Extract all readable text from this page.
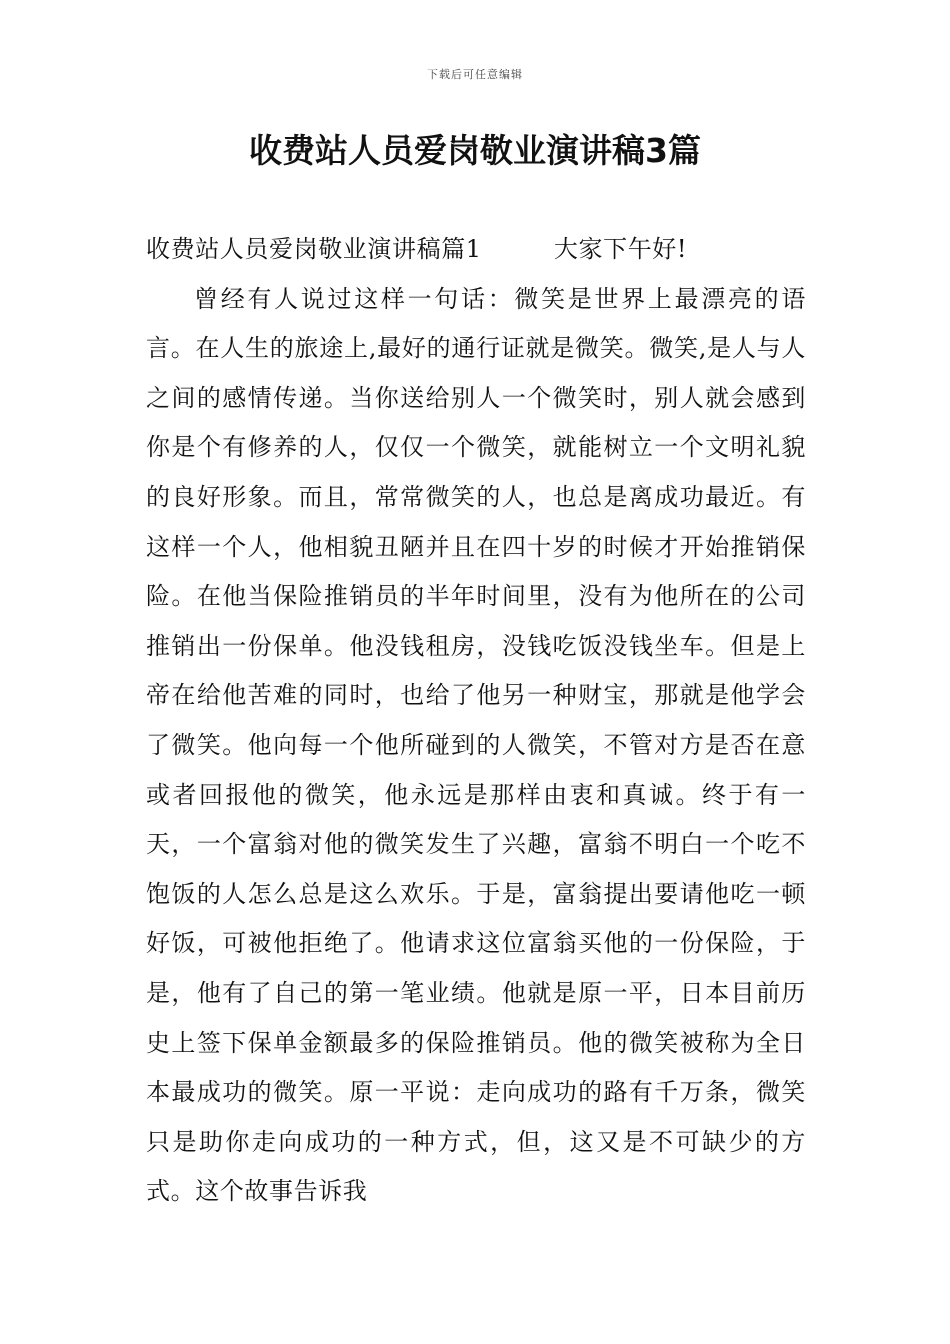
下载后可任意编辑
收费站人员爱岗敬业演讲稿3篇
收费站人员爱岗敬业演讲稿篇1	大家下午好!

曾经有人说过这样一句话：微笑是世界上最漂亮的语言。在人生的旅途上,最好的通行证就是微笑。微笑,是人与人之间的感情传递。当你送给别人一个微笑时，别人就会感到你是个有修养的人，仅仅一个微笑，就能树立一个文明礼貌的良好形象。而且，常常微笑的人，也总是离成功最近。有这样一个人，他相貌丑陋并且在四十岁的时候才开始推销保险。在他当保险推销员的半年时间里，没有为他所在的公司推销出一份保单。他没钱租房，没钱吃饭没钱坐车。但是上帝在给他苦难的同时，也给了他另一种财宝，那就是他学会了微笑。他向每一个他所碰到的人微笑，不管对方是否在意或者回报他的微笑，他永远是那样由衷和真诚。终于有一天，一个富翁对他的微笑发生了兴趣，富翁不明白一个吃不饱饭的人怎么总是这么欢乐。于是，富翁提出要请他吃一顿好饭，可被他拒绝了。他请求这位富翁买他的一份保险，于是，他有了自己的第一笔业绩。他就是原一平，日本目前历史上签下保单金额最多的保险推销员。他的微笑被称为全日本最成功的微笑。原一平说：走向成功的路有千万条，微笑只是助你走向成功的一种方式，但，这又是不可缺少的方式。这个故事告诉我
